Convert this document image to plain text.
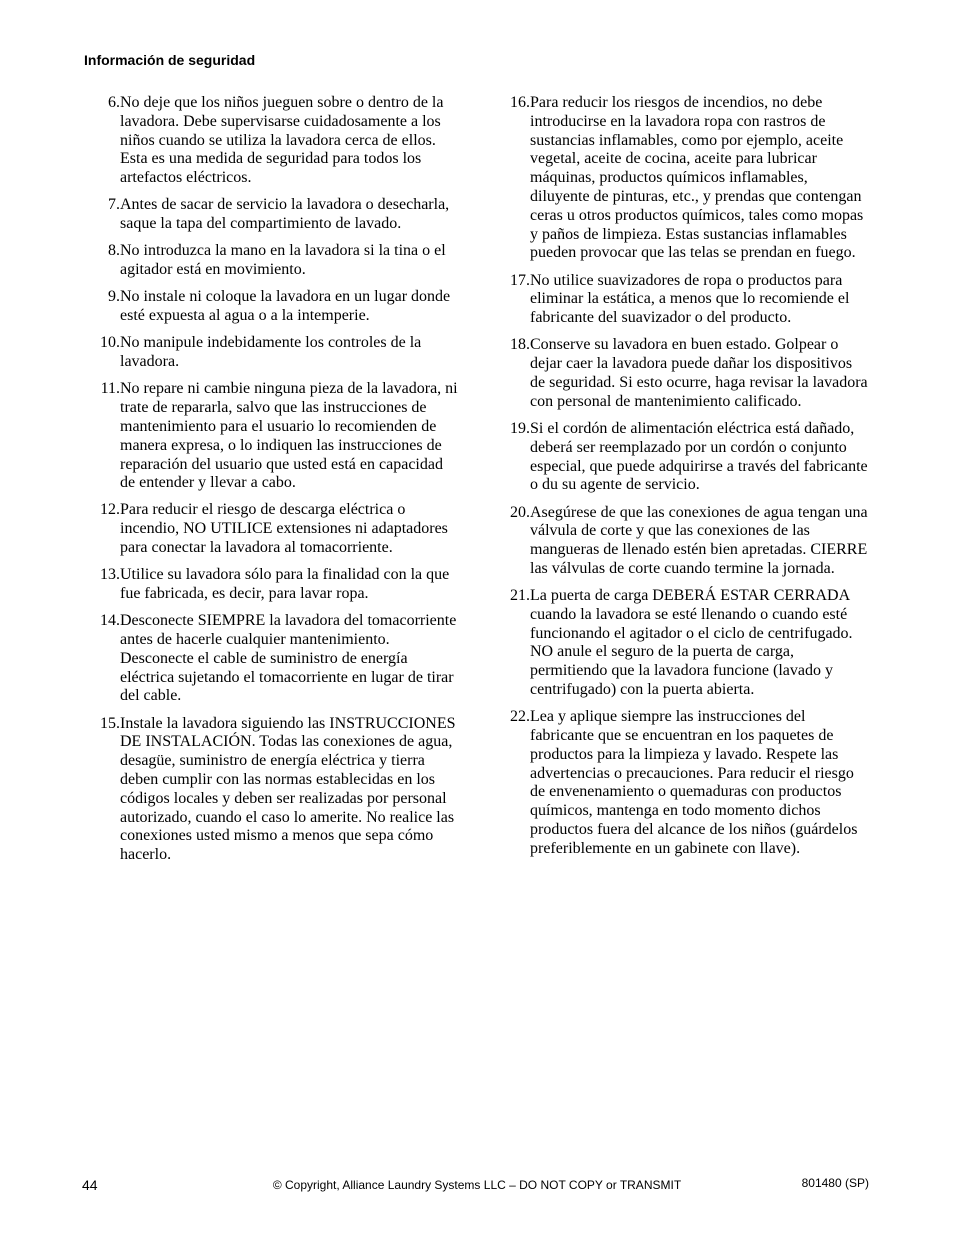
Información de seguridad
6. No deje que los niños jueguen sobre o dentro de la lavadora. Debe supervisarse cuidadosamente a los niños cuando se utiliza la lavadora cerca de ellos. Esta es una medida de seguridad para todos los artefactos eléctricos.
7. Antes de sacar de servicio la lavadora o desecharla, saque la tapa del compartimiento de lavado.
8. No introduzca la mano en la lavadora si la tina o el agitador está en movimiento.
9. No instale ni coloque la lavadora en un lugar donde esté expuesta al agua o a la intemperie.
10. No manipule indebidamente los controles de la lavadora.
11. No repare ni cambie ninguna pieza de la lavadora, ni trate de repararla, salvo que las instrucciones de mantenimiento para el usuario lo recomienden de manera expresa, o lo indiquen las instrucciones de reparación del usuario que usted está en capacidad de entender y llevar a cabo.
12. Para reducir el riesgo de descarga eléctrica o incendio, NO UTILICE extensiones ni adaptadores para conectar la lavadora al tomacorriente.
13. Utilice su lavadora sólo para la finalidad con la que fue fabricada, es decir, para lavar ropa.
14. Desconecte SIEMPRE la lavadora del tomacorriente antes de hacerle cualquier mantenimiento. Desconecte el cable de suministro de energía eléctrica sujetando el tomacorriente en lugar de tirar del cable.
15. Instale la lavadora siguiendo las INSTRUCCIONES DE INSTALACIÓN. Todas las conexiones de agua, desagüe, suministro de energía eléctrica y tierra deben cumplir con las normas establecidas en los códigos locales y deben ser realizadas por personal autorizado, cuando el caso lo amerite. No realice las conexiones usted mismo a menos que sepa cómo hacerlo.
16. Para reducir los riesgos de incendios, no debe introducirse en la lavadora ropa con rastros de sustancias inflamables, como por ejemplo, aceite vegetal, aceite de cocina, aceite para lubricar máquinas, productos químicos inflamables, diluyente de pinturas, etc., y prendas que contengan ceras u otros productos químicos, tales como mopas y paños de limpieza. Estas sustancias inflamables pueden provocar que las telas se prendan en fuego.
17. No utilice suavizadores de ropa o productos para eliminar la estática, a menos que lo recomiende el fabricante del suavizador o del producto.
18. Conserve su lavadora en buen estado. Golpear o dejar caer la lavadora puede dañar los dispositivos de seguridad. Si esto ocurre, haga revisar la lavadora con personal de mantenimiento calificado.
19. Si el cordón de alimentación eléctrica está dañado, deberá ser reemplazado por un cordón o conjunto especial, que puede adquirirse a través del fabricante o du su agente de servicio.
20. Asegúrese de que las conexiones de agua tengan una válvula de corte y que las conexiones de las mangueras de llenado estén bien apretadas. CIERRE las válvulas de corte cuando termine la jornada.
21. La puerta de carga DEBERÁ ESTAR CERRADA cuando la lavadora se esté llenando o cuando esté funcionando el agitador o el ciclo de centrifugado. NO anule el seguro de la puerta de carga, permitiendo que la lavadora funcione (lavado y centrifugado) con la puerta abierta.
22. Lea y aplique siempre las instrucciones del fabricante que se encuentran en los paquetes de productos para la limpieza y lavado. Respete las advertencias o precauciones. Para reducir el riesgo de envenenamiento o quemaduras con productos químicos, mantenga en todo momento dichos productos fuera del alcance de los niños (guárdelos preferiblemente en un gabinete con llave).
44	© Copyright, Alliance Laundry Systems LLC – DO NOT COPY or TRANSMIT	801480 (SP)
